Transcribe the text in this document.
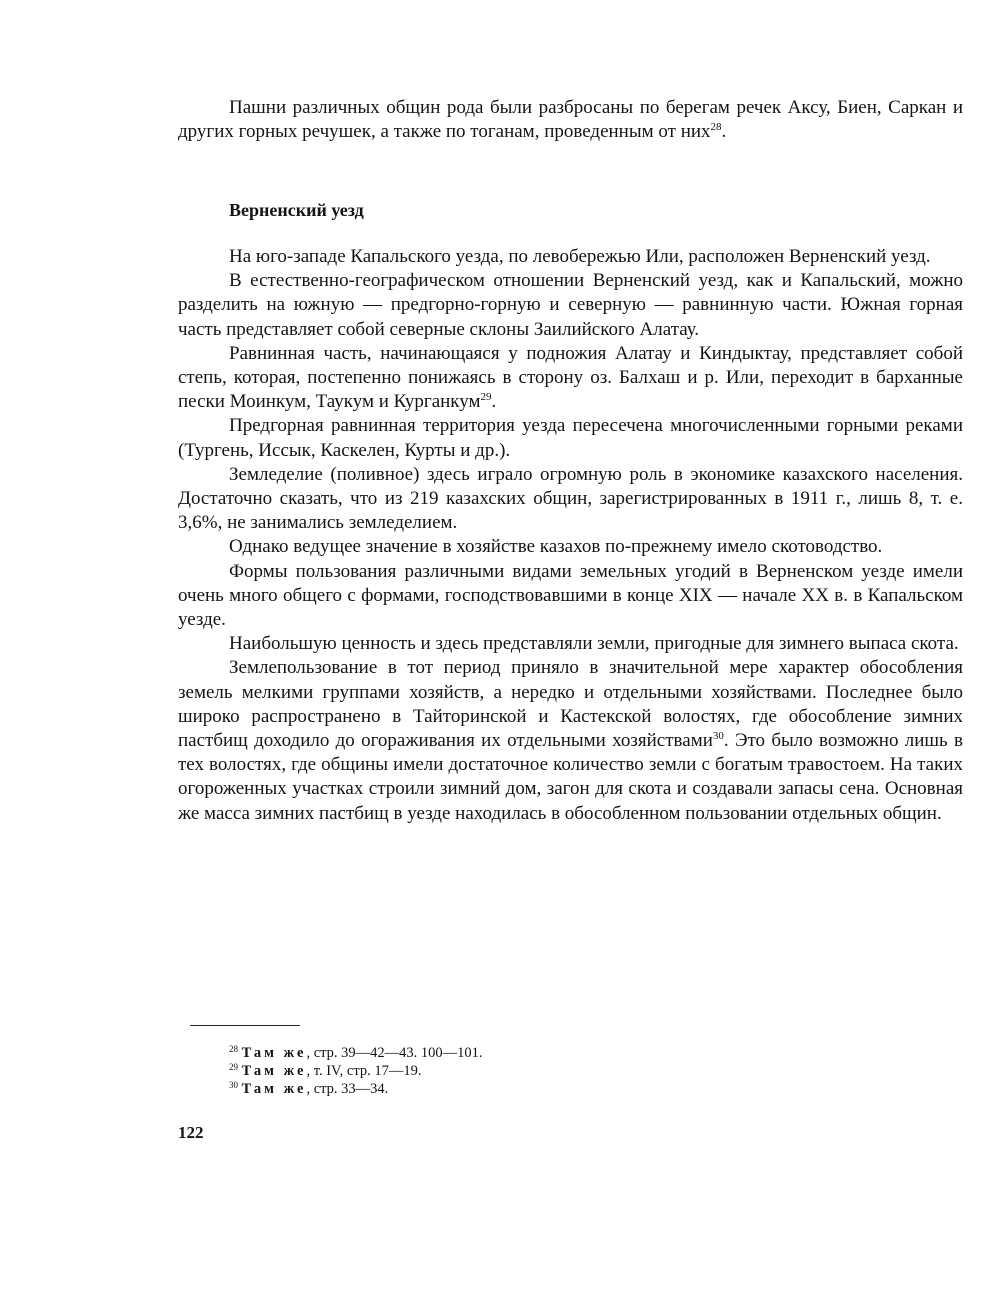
Пашни различных общин рода были разбросаны по берегам речек Аксу, Биен, Саркан и других горных речушек, а также по тоганам, проведенным от них$^{28}$.

Верненский уезд

На юго-западе Капальского уезда, по левобережью Или, расположен Верненский уезд.

В естественно-географическом отношении Верненский уезд, как и Капальский, можно разделить на южную — предгорно-горную и северную — равнинную части. Южная горная часть представляет собой северные склоны Заилийского Алатау.

Равнинная часть, начинающаяся у подножия Алатау и Киндыктау, представляет собой степь, которая, постепенно понижаясь в сторону оз. Балхаш и р. Или, переходит в барханные пески Моинкум, Таукум и Курганкум$^{29}$.

Предгорная равнинная территория уезда пересечена многочисленными горными реками (Тургень, Иссык, Каскелен, Курты и др.).

Земледелие (поливное) здесь играло огромную роль в экономике казахского населения. Достаточно сказать, что из 219 казахских общин, зарегистрированных в 1911 г., лишь 8, т. е. 3,6%, не занимались земледелием.

Однако ведущее значение в хозяйстве казахов по-прежнему имело скотоводство.

Формы пользования различными видами земельных угодий в Верненском уезде имели очень много общего с формами, господствовавшими в конце XIX — начале XX в. в Капальском уезде.

Наибольшую ценность и здесь представляли земли, пригодные для зимнего выпаса скота.

Землепользование в тот период приняло в значительной мере характер обособления земель мелкими группами хозяйств, а нередко и отдельными хозяйствами. Последнее было широко распространено в Тайторинской и Кастекской волостях, где обособление зимних пастбищ доходило до огораживания их отдельными хозяйствами$^{30}$. Это было возможно лишь в тех волостях, где общины имели достаточное количество земли с богатым травостоем. На таких огороженных участках строили зимний дом, загон для скота и создавали запасы сена. Основная же масса зимних пастбищ в уезде находилась в обособленном пользовании отдельных общин.

$^{28}$ Там же, стр. 39—42—43. 100—101.
$^{29}$ Там же, т. IV, стр. 17—19.
$^{30}$ Там же, стр. 33—34.
122
